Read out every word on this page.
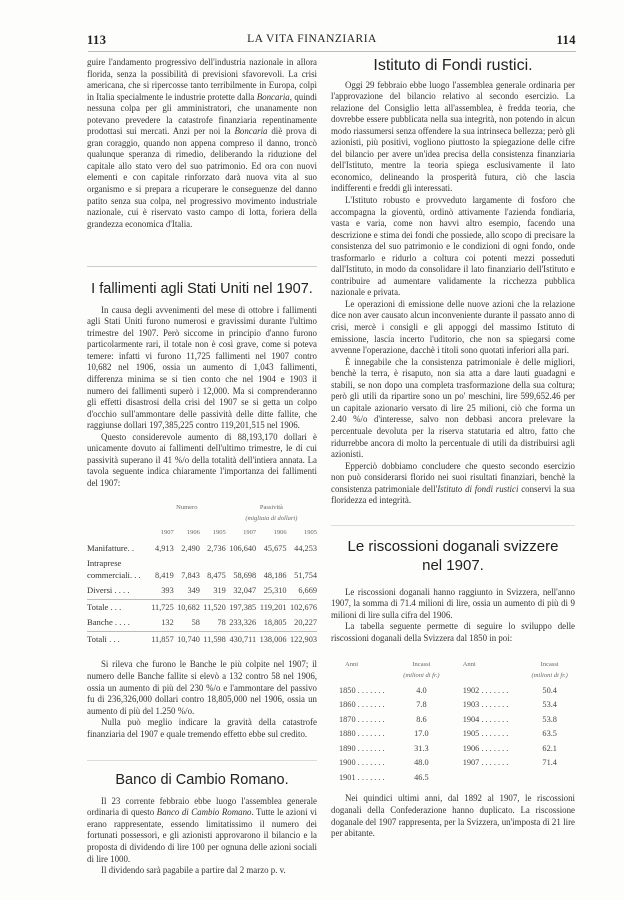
113	LA VITA FINANZIARIA	114

guire l'andamento progressivo dell'industria nazionale in allora florida, senza la possibilità di previsioni sfavorevoli. La crisi americana, che si ripercosse tanto terribilmente in Europa, colpì in Italia specialmente le industrie protette dalla Boncaria, quindi nessuna colpa per gli amministratori, che unanamente non potevano prevedere la catastrofe finanziaria repentinamente prodottasi sui mercati. Anzi per noi la Boncaria diè prova di gran coraggio, quando non appena compreso il danno, troncò qualunque speranza di rimedio, deliberando la riduzione del capitale allo stato vero del suo patrimonio. Ed ora con nuovi elementi e con capitale rinforzato darà nuova vita al suo organismo e si prepara a ricuperare le conseguenze del danno patito senza sua colpa, nel progressivo movimento industriale nazionale, cui è riservato vasto campo di lotta, foriera della grandezza economica d'Italia.

I fallimenti agli Stati Uniti nel 1907.

In causa degli avvenimenti del mese di ottobre i fallimenti agli Stati Uniti furono numerosi e gravissimi durante l'ultimo trimestre del 1907. Però siccome in principio d'anno furono particolarmente rari, il totale non è così grave, come si poteva temere: infatti vi furono 11,725 fallimenti nel 1907 contro 10,682 nel 1906, ossia un aumento di 1,043 fallimenti, differenza minima se si tien conto che nel 1904 e 1903 il numero dei fallimenti superò i 12,000. Ma si comprenderanno gli effetti disastrosi della crisi del 1907 se si getta un colpo d'occhio sull'ammontare delle passività delle ditte fallite, che raggiunse dollari 197,385,225 contro 119,201,515 nel 1906.

Questo considerevole aumento di 88,193,170 dollari è unicamente dovuto ai fallimenti dell'ultimo trimestre, le di cui passività superano il 41 %/o della totalità dell'intiera annata. La tavola seguente indica chiaramente l'importanza dei fallimenti del 1907:

	Numero			Passività		
				(migliaia di dollari)		
	1907	1906	1905	1907	1906	1905
Manifatture. .	4,913	2,490	2,736	106,640	45,675	44,253
Intraprese commerciali. . .	8,419	7,843	8,475	58,698	48,186	51,754
Diversi . . . .	393	349	319	32,047	25,310	6,669
Totale . . .	11,725	10,682	11,520	197,385	119,201	102,676
Banche . . . .	132	58	78	233,326	18,805	20,227
Totali . . .	11,857	10,740	11,598	430,711	138,006	122,903

Si rileva che furono le Banche le più colpite nel 1907; il numero delle Banche fallite si elevò a 132 contro 58 nel 1906, ossia un aumento di più del 230 %/o e l'ammontare del passivo fu di 236,326,000 dollari contro 18,805,000 nel 1906, ossia un aumento di più del 1.250 %/o.

Nulla può meglio indicare la gravità della catastrofe finanziaria del 1907 e quale tremendo effetto ebbe sul credito.

Banco di Cambio Romano.

Il 23 corrente febbraio ebbe luogo l'assemblea generale ordinaria di questo Banco di Cambio Romano. Tutte le azioni vi erano rappresentate, essendo limitatissimo il numero dei fortunati possessori, e gli azionisti approvarono il bilancio e la proposta di dividendo di lire 100 per ognuna delle azioni sociali di lire 1000.

Il dividendo sarà pagabile a partire dal 2 marzo p. v.

Istituto di Fondi rustici.

Oggi 29 febbraio ebbe luogo l'assemblea generale ordinaria per l'approvazione del bilancio relativo al secondo esercizio. La relazione del Consiglio letta all'assemblea, è fredda teoria, che dovrebbe essere pubblicata nella sua integrità, non potendo in alcun modo riassumersi senza offendere la sua intrinseca bellezza; però gli azionisti, più positivi, vogliono piuttosto la spiegazione delle cifre del bilancio per avere un'idea precisa della consistenza finanziaria dell'Istituto, mentre la teoria spiega esclusivamente il lato economico, delineando la prosperità futura, ciò che lascia indifferenti e freddi gli interessati.

L'Istituto robusto e provveduto largamente di fosforo che accompagna la gioventù, ordinò attivamente l'azienda fondiaria, vasta e varia, come non havvi altro esempio, facendo una descrizione e stima dei fondi che possiede, allo scopo di precisare la consistenza del suo patrimonio e le condizioni di ogni fondo, onde trasformarlo e ridurlo a coltura coi potenti mezzi posseduti dall'Istituto, in modo da consolidare il lato finanziario dell'Istituto e contribuire ad aumentare validamente la ricchezza pubblica nazionale e privata.

Le operazioni di emissione delle nuove azioni che la relazione dice non aver causato alcun inconveniente durante il passato anno di crisi, mercè i consigli e gli appoggi del massimo Istituto di emissione, lascia incerto l'uditorio, che non sa spiegarsi come avvenne l'operazione, dacchè i titoli sono quotati inferiori alla pari.

È innegabile che la consistenza patrimoniale è delle migliori, benchè la terra, è risaputo, non sia atta a dare lauti guadagni e stabili, se non dopo una completa trasformazione della sua coltura; però gli utili da ripartire sono un po' meschini, lire 599,652.46 per un capitale azionario versato di lire 25 milioni, ciò che forma un 2.40 %/o d'interesse, salvo non debbasi ancora prelevare la percentuale devoluta per la riserva statutaria ed altro, fatto che ridurrebbe ancora di molto la percentuale di utili da distribuirsi agli azionisti.

Epperciò dobbiamo concludere che questo secondo esercizio non può considerarsi florido nei suoi risultati finanziari, benchè la consistenza patrimoniale dell'Istituto di fondi rustici conservi la sua floridezza ed integrità.

Le riscossioni doganali svizzere
nel 1907.

Le riscossioni doganali hanno raggiunto in Svizzera, nell'anno 1907, la somma di 71.4 milioni di lire, ossia un aumento di più di 9 milioni di lire sulla cifra del 1906.

La tabella seguente permette di seguire lo sviluppo delle riscossioni doganali della Svizzera dal 1850 in poi:

Anni	Incassi	Anni	Incassi
	(milioni di fr.)		(milioni di fr.)
1850 . . . . . . .	4.0	1902 . . . . . . .	50.4
1860 . . . . . . .	7.8	1903 . . . . . . .	53.4
1870 . . . . . . .	8.6	1904 . . . . . . .	53.8
1880 . . . . . . .	17.0	1905 . . . . . . .	63.5
1890 . . . . . . .	31.3	1906 . . . . . . .	62.1
1900 . . . . . . .	48.0	1907 . . . . . . .	71.4
1901 . . . . . . .	46.5		

Nei quindici ultimi anni, dal 1892 al 1907, le riscossioni doganali della Confederazione hanno duplicato. La riscossione doganale del 1907 rappresenta, per la Svizzera, un'imposta di 21 lire per abitante.
